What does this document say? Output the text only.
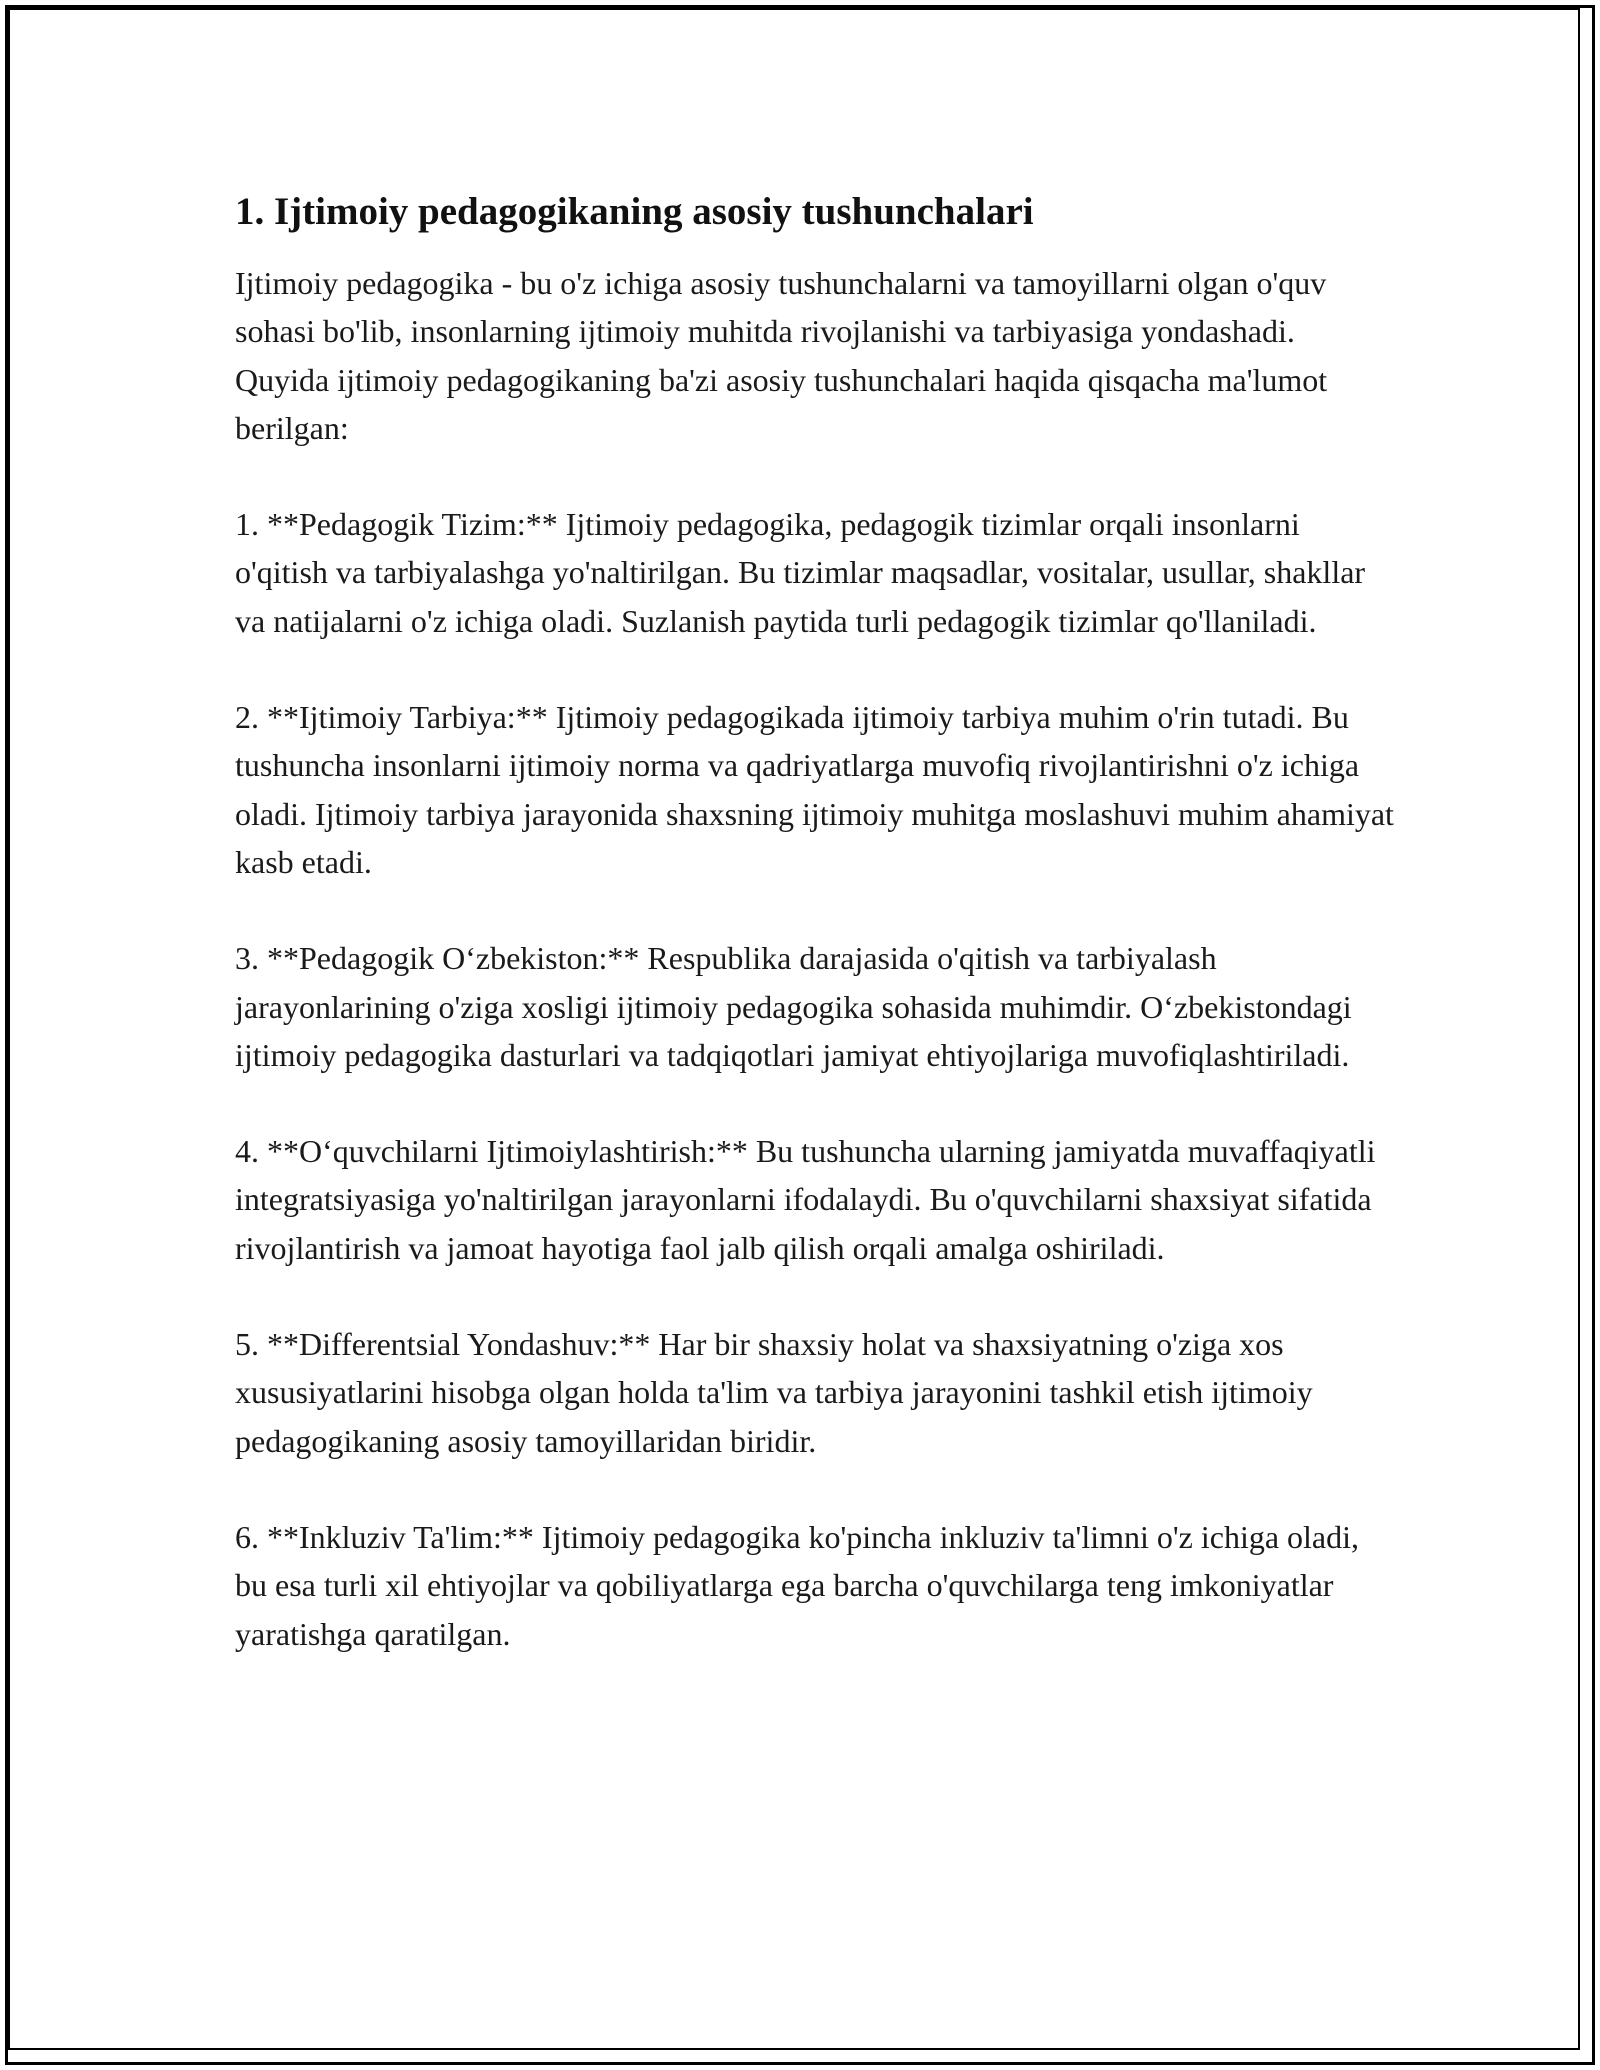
1. Ijtimoiy pedagogikaning asosiy tushunchalari

Ijtimoiy pedagogika - bu o'z ichiga asosiy tushunchalarni va tamoyillarni olgan o'quv sohasi bo'lib, insonlarning ijtimoiy muhitda rivojlanishi va tarbiyasiga yondashadi. Quyida ijtimoiy pedagogikaning ba'zi asosiy tushunchalari haqida qisqacha ma'lumot berilgan:

1. **Pedagogik Tizim:** Ijtimoiy pedagogika, pedagogik tizimlar orqali insonlarni o'qitish va tarbiyalashga yo'naltirilgan. Bu tizimlar maqsadlar, vositalar, usullar, shakllar va natijalarni o'z ichiga oladi. Suzlanish paytida turli pedagogik tizimlar qo'llaniladi.

2. **Ijtimoiy Tarbiya:** Ijtimoiy pedagogikada ijtimoiy tarbiya muhim o'rin tutadi. Bu tushuncha insonlarni ijtimoiy norma va qadriyatlarga muvofiq rivojlantirishni o'z ichiga oladi. Ijtimoiy tarbiya jarayonida shaxsning ijtimoiy muhitga moslashuvi muhim ahamiyat kasb etadi.

3. **Pedagogik O‘zbekiston:** Respublika darajasida o'qitish va tarbiyalash jarayonlarining o'ziga xosligi ijtimoiy pedagogika sohasida muhimdir. O‘zbekistondagi ijtimoiy pedagogika dasturlari va tadqiqotlari jamiyat ehtiyojlariga muvofiqlashtiriladi.

4. **O‘quvchilarni Ijtimoiylashtirish:** Bu tushuncha ularning jamiyatda muvaffaqiyatli integratsiyasiga yo'naltirilgan jarayonlarni ifodalaydi. Bu o'quvchilarni shaxsiyat sifatida rivojlantirish va jamoat hayotiga faol jalb qilish orqali amalga oshiriladi.

5. **Differentsial Yondashuv:** Har bir shaxsiy holat va shaxsiyatning o'ziga xos xususiyatlarini hisobga olgan holda ta'lim va tarbiya jarayonini tashkil etish ijtimoiy pedagogikaning asosiy tamoyillaridan biridir.

6. **Inkluziv Ta'lim:** Ijtimoiy pedagogika ko'pincha inkluziv ta'limni o'z ichiga oladi, bu esa turli xil ehtiyojlar va qobiliyatlarga ega barcha o'quvchilarga teng imkoniyatlar yaratishga qaratilgan.
